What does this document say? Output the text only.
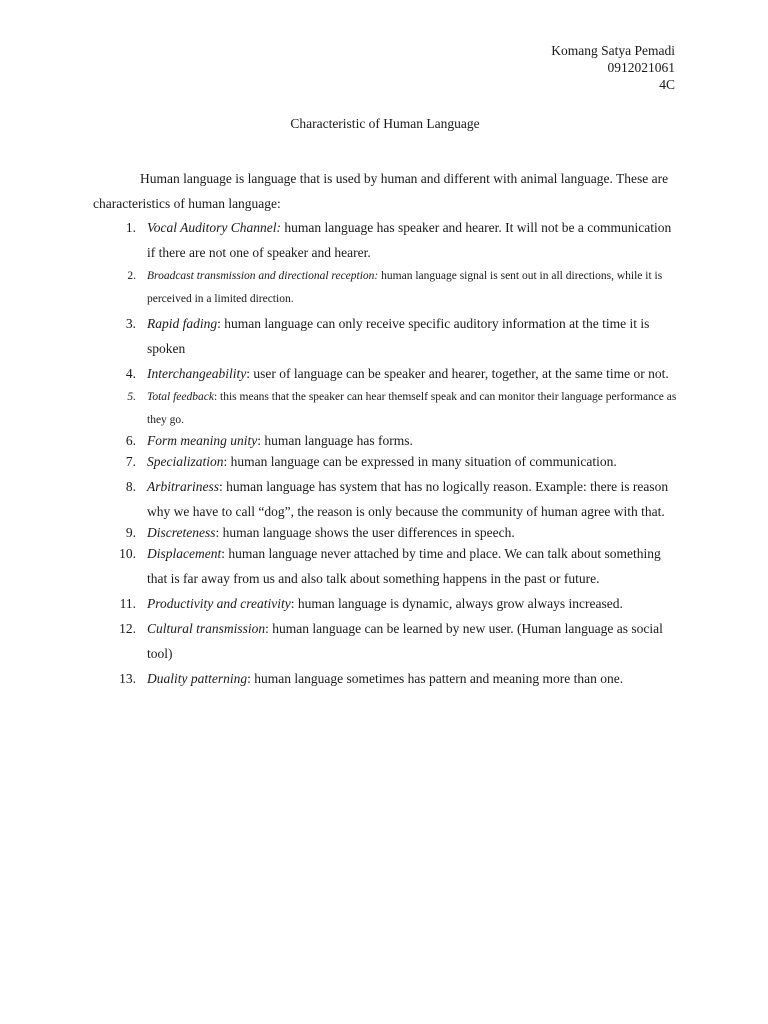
Komang Satya Pemadi
0912021061
4C
Characteristic of Human Language
Human language is language that is used by human and different with animal language. These are characteristics of human language:
1. Vocal Auditory Channel: human language has speaker and hearer. It will not be a communication if there are not one of speaker and hearer.
2. Broadcast transmission and directional reception: human language signal is sent out in all directions, while it is perceived in a limited direction.
3. Rapid fading: human language can only receive specific auditory information at the time it is spoken
4. Interchangeability: user of language can be speaker and hearer, together, at the same time or not.
5. Total feedback: this means that the speaker can hear themself speak and can monitor their language performance as they go.
6. Form meaning unity: human language has forms.
7. Specialization: human language can be expressed in many situation of communication.
8. Arbitrariness: human language has system that has no logically reason. Example: there is reason why we have to call “dog”, the reason is only because the community of human agree with that.
9. Discreteness: human language shows the user differences in speech.
10. Displacement: human language never attached by time and place. We can talk about something that is far away from us and also talk about something happens in the past or future.
11. Productivity and creativity: human language is dynamic, always grow always increased.
12. Cultural transmission: human language can be learned by new user. (Human language as social tool)
13. Duality patterning: human language sometimes has pattern and meaning more than one.
